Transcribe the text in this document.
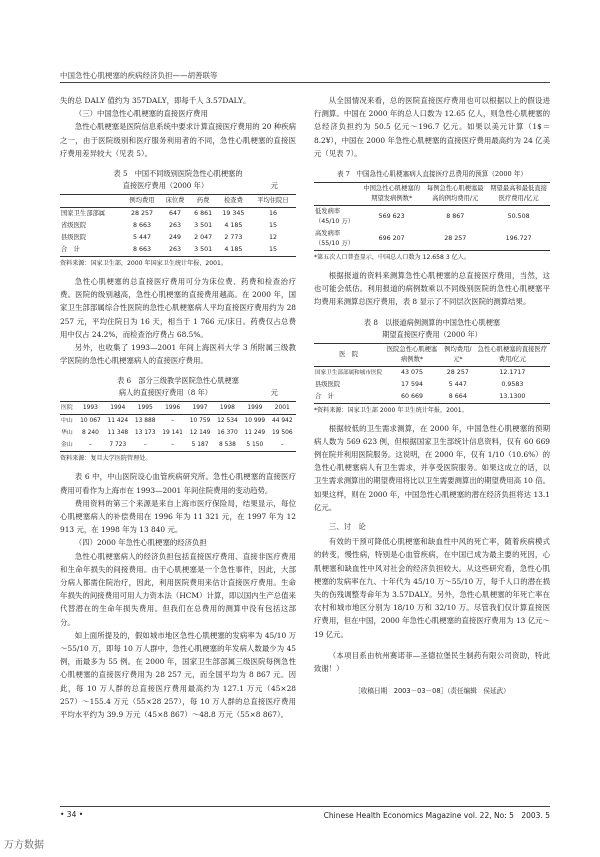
中国急性心肌梗塞的疾病经济负担——胡善联等

失的总 DALY 值约为 357DALY，即每千人 3.57DALY。

（三）中国急性心肌梗塞的直接医疗费用

急性心肌梗塞是医院信息系统中要求计算直接医疗费用的 20 种疾病之一，由于医院级别和医疗服务利用者的不同，急性心肌梗塞的直接医疗费用差异较大（见表 5）。

表 5　中国不同级别医院急性心肌梗塞的
直接医疗费用（2000 年）	元
	例均费用	床位费	药费	检查费	平均住院日
国家卫生部部属	28 257	647	6 861	19 345	16
省级医院	8 663	263	3 501	4 185	15
县级医院	5 447	249	2 047	2 773	12
合　计	8 663	263	3 501	4 185	15
资料来源：国家卫生部，2000 年国家卫生统计年报，2001。

急性心肌梗塞的总直接医疗费用可分为床位费、药费和检查治疗费。医院的级别越高，急性心肌梗塞的直接费用越高。在 2000 年，国家卫生部部属综合性医院的急性心肌梗塞病人平均直接医疗费用约为 28 257 元，平均住院日为 16 天，相当于 1 766 元/床日。药费仅占总费用中仅占 24.2%，而检查治疗费占 68.5%。

另外，也收集了 1993—2001 年间上海医科大学 3 所附属三级教学医院的急性心肌梗塞病人的直接医疗费用。

表 6　部分三级教学医院急性心肌梗塞
病人的直接医疗费用（8 年）	元
医院	1993	1994	1995	1996	1997	1998	1999	2001
中山	10 067	11 424	13 888	–	10 759	12 534	10 999	44 942
华山	8 240	11 348	13 173	19 141	12 149	16 370	11 249	19 506
金山	–	7 723	–	–	5 187	8 538	5 150	–
资料来源：复旦大学医院管理处。

表 6 中，中山医院设心血管疾病研究所。急性心肌梗塞的直接医疗费用可看作为上海市在 1993—2001 年间住院费用的变动趋势。

费用资料的第三个来源是来自上海市医疗保险局，结果显示，每位心肌梗塞病人的补偿费用在 1996 年为 11 321 元，在 1997 年为 12 913 元，在 1998 年为 13 840 元。

（四）2000 年急性心肌梗塞的经济负担

急性心肌梗塞病人的经济负担包括直接医疗费用、直接非医疗费用和生命年损失的间接费用。由于心肌梗塞是一个急性事件，因此，大部分病人都需住院治疗，因此，利用医院费用来估计直接医疗费用。生命年损失的间接费用可用人力资本法（HCM）计算，即以国内生产总值来代替潜在的生命年损失费用。但我们在总费用的测算中没有包括这部分。

如上面所提及的，假如城市地区急性心肌梗塞的发病率为 45/10 万～55/10 万，即每 10 万人群中，急性心肌梗塞的年发病人数最少为 45 例，而最多为 55 例。在 2000 年，国家卫生部部属三级医院每例急性心肌梗塞的直接医疗费用为 28 257 元，而全国平均为 8 867 元。因此，每 10 万人群的总直接医疗费用最高约为 127.1 万元（45×28 257）～155.4 万元（55×28 257），每 10 万人群的总直接医疗费用平均水平约为 39.9 万元（45×8 867）～48.8 万元（55×8 867）。

从全国情况来看，总的医院直接医疗费用也可以根据以上的假设进行测算。中国在 2000 年的总人口数为 12.65 亿人，则急性心肌梗塞的总经济负担约为 50.5 亿元～196.7 亿元。如果以美元计算（1$＝8.2¥），中国在 2000 年急性心肌梗塞的直接医疗费用最高约为 24 亿美元（见表 7）。

表 7　中国急性心肌梗塞病人直接医疗总费用的预算（2000 年）
	中国急性心肌梗塞的期望发病例数*	每例急性心肌梗塞最高的例均费用/元	期望最高和最低直接医疗费用/亿元
低发病率（45/10 万）	569 623	8 867	50.508
高发病率（55/10 万）	696 207	28 257	196.727
*第五次人口普查显示，中国总人口数为 12.658 3 亿人。

根据报道的资料来测算急性心肌梗塞的总直接医疗费用，当然，这也可能会低估。利用报道的病例数乘以不同级别医院的急性心肌梗塞平均费用来测算总医疗费用，表 8 显示了不同层次医院的测算结果。

表 8　以报道病例测算的中国急性心肌梗塞
期望直接医疗费用（2000 年）
医　院	医院急性心肌梗塞病例数*	例均费用/元*	急性心肌梗塞的直接医疗费用/亿元
国家卫生部部属和城市医院	43 075	28 257	12.1717
县级医院	17 594	5 447	0.9583
合　计	60 669	8 664	13.1300
*资料来源：国家卫生部 2000 年卫生统计年报，2001。

根据较低的卫生需求测算，在 2000 年，中国急性心肌梗塞的预期病人数为 569 623 例，但根据国家卫生部统计信息资料，仅有 60 669 例在院并利用医院服务。这说明，在 2000 年，仅有 1/10（10.6%）的急性心肌梗塞病人有卫生需求，并享受医院服务。如果这成立的话，以卫生需求测算出的期望费用将比以卫生需要测算出的期望费用高 10 倍。如果这样，则在 2000 年，中国急性心肌梗塞的潜在经济负担将达 13.1 亿元。

三、讨　论

有效的干预可降低心肌梗塞和缺血性中风的死亡率，随着疾病模式的转变，慢性病，特别是心血管疾病，在中国已成为最主要的死因，心肌梗塞和缺血性中风对社会的经济负担较大。从这些研究看，急性心肌梗塞的发病率在九、十年代为 45/10 万～55/10 万，每千人口的潜在损失的伤残调整寿命年为 3.57DALY。另外，急性心肌梗塞的年死亡率在农村和城市地区分别为 18/10 万和 32/10 万。尽管我们仅计算直接医疗费用，但在中国，2000 年急性心肌梗塞的直接医疗费用为 13 亿元～19 亿元。

（本项目系由杭州赛诺菲—圣德拉堡民生制药有限公司资助，特此致谢！）

［收稿日期　2003－03－08］（责任编辑　侯延武）
• 34 •	Chinese Health Economics Magazine vol. 22, No: 5　2003. 5
万方数据
